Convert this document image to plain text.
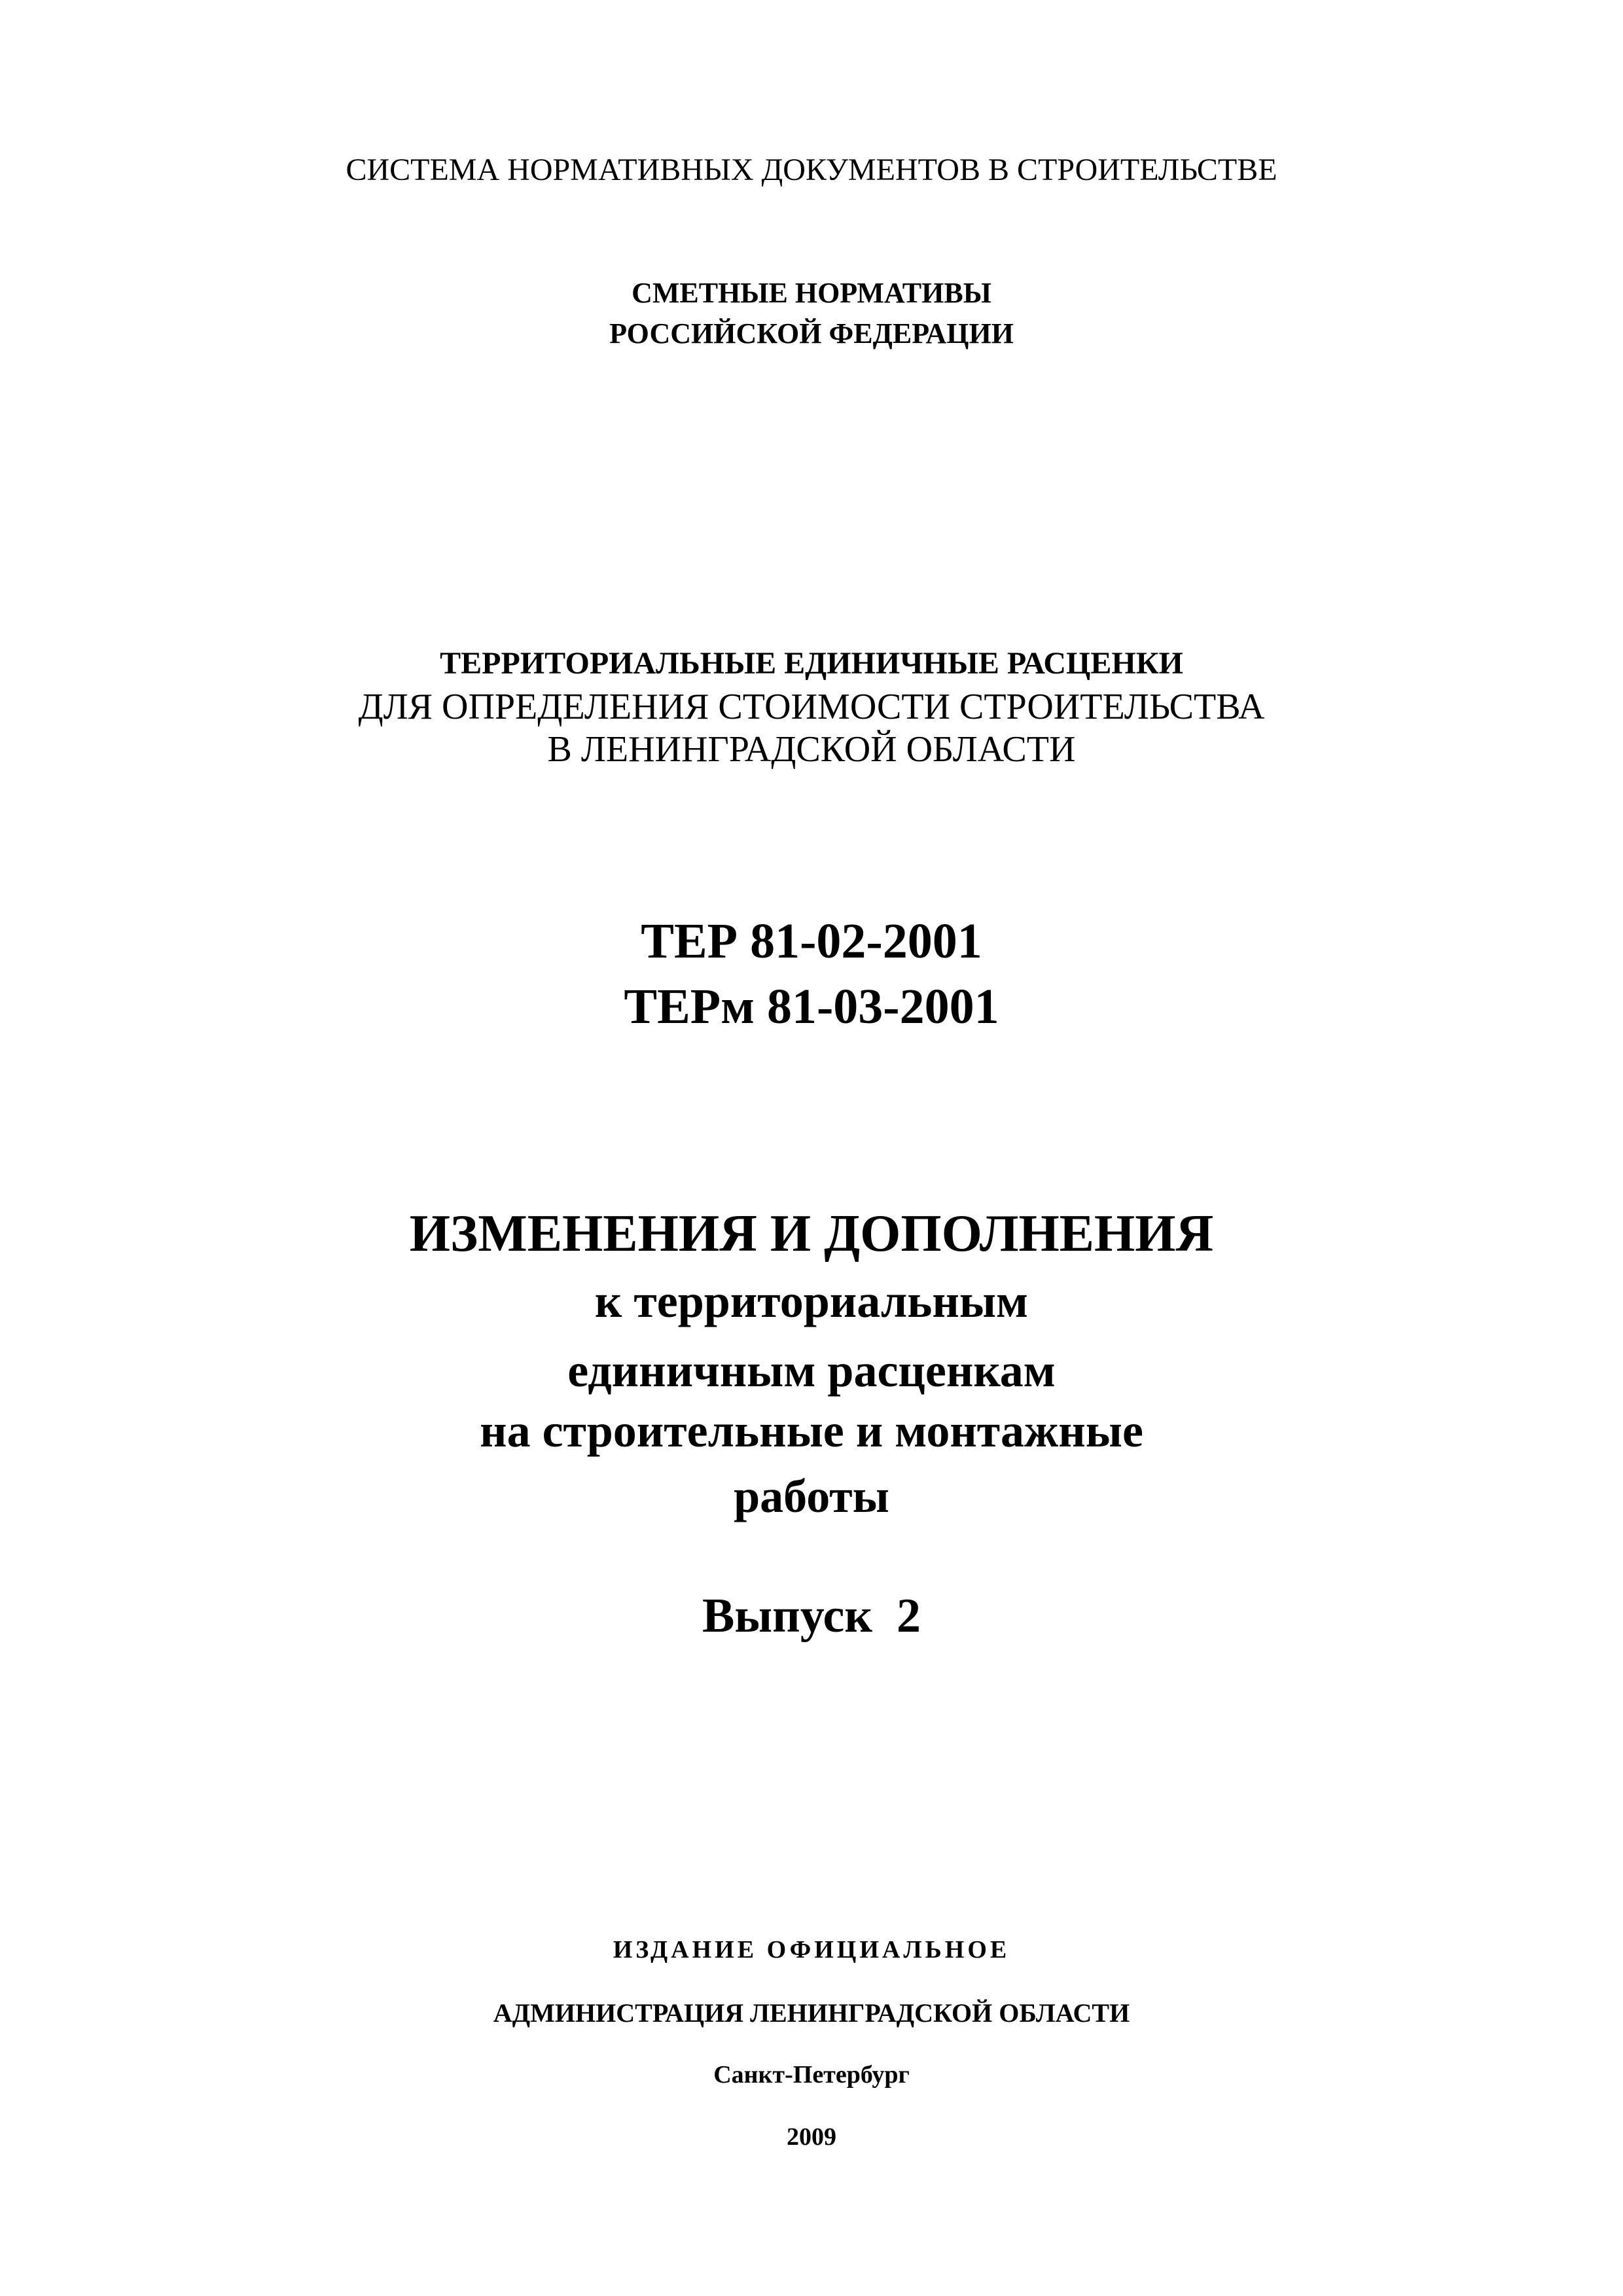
СИСТЕМА НОРМАТИВНЫХ ДОКУМЕНТОВ В СТРОИТЕЛЬСТВЕ

СМЕТНЫЕ НОРМАТИВЫ

РОССИЙСКОЙ ФЕДЕРАЦИИ

ТЕРРИТОРИАЛЬНЫЕ ЕДИНИЧНЫЕ РАСЦЕНКИ

ДЛЯ ОПРЕДЕЛЕНИЯ СТОИМОСТИ СТРОИТЕЛЬСТВА

В ЛЕНИНГРАДСКОЙ ОБЛАСТИ

ТЕР 81-02-2001

ТЕРм 81-03-2001

ИЗМЕНЕНИЯ И ДОПОЛНЕНИЯ

к территориальным

единичным расценкам

на строительные и монтажные

работы

Выпуск  2

ИЗДАНИЕ ОФИЦИАЛЬНОЕ

АДМИНИСТРАЦИЯ ЛЕНИНГРАДСКОЙ ОБЛАСТИ

Санкт-Петербург

2009
